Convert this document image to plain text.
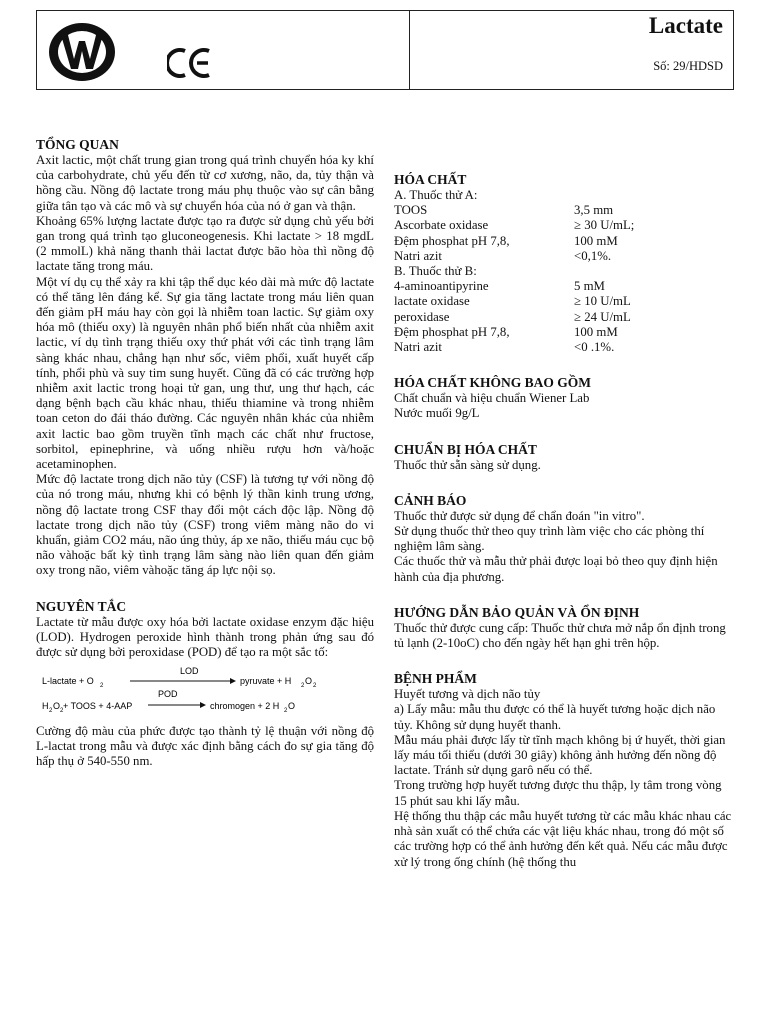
Lactate
Số: 29/HDSD
TỔNG QUAN

Axit lactic, một chất trung gian trong quá trình chuyển hóa ky khí của carbohydrate, chủ yếu đến từ cơ xương, não, da, tủy thận và hồng cầu. Nồng độ lactate trong máu phụ thuộc vào sự cân bằng giữa tân tạo và các mô và sự chuyển hóa của nó ở gan và thận.

Khoảng 65% lượng lactate được tạo ra được sử dụng chủ yếu bởi gan trong quá trình tạo gluconeogenesis. Khi lactate > 18 mgdL (2 mmolL) khả năng thanh thải lactat được bão hòa thì nồng độ lactate tăng trong máu.

Một ví dụ cụ thể xảy ra khi tập thể dục kéo dài mà mức độ lactate có thể tăng lên đáng kể. Sự gia tăng lactate trong máu liên quan đến giảm pH máu hay còn gọi là nhiễm toan lactic. Sự giảm oxy hóa mô (thiếu oxy) là nguyên nhân phổ biến nhất của nhiễm axit lactic, ví dụ tình trạng thiếu oxy thứ phát với các tình trạng lâm sàng khác nhau, chẳng hạn như sốc, viêm phổi, xuất huyết cấp tính, phổi phù và suy tim sung huyết. Cũng đã có các trường hợp nhiễm axit lactic trong hoại tử gan, ung thư, ung thư hạch, các dạng bệnh bạch cầu khác nhau, thiếu thiamine và trong nhiễm toan ceton do đái tháo đường. Các nguyên nhân khác của nhiễm axit lactic bao gồm truyền tĩnh mạch các chất như fructose, sorbitol, epinephrine, và uống nhiều rượu hơn và/hoặc acetaminophen.

Mức độ lactate trong dịch não tủy (CSF) là tương tự với nồng độ của nó trong máu, nhưng khi có bệnh lý thần kinh trung ương, nồng độ lactate trong CSF thay đổi một cách độc lập. Nồng độ lactate trong dịch não tủy (CSF) trong viêm màng não do vi khuẩn, giảm CO2 máu, não úng thủy, áp xe não, thiếu máu cục bộ não vàhoặc bất kỳ tình trạng lâm sàng nào liên quan đến giảm oxy trong não, viêm vàhoặc tăng áp lực nội sọ.

NGUYÊN TẮC

Lactate từ mẫu được oxy hóa bởi lactate oxidase enzym đặc hiệu (LOD). Hydrogen peroxide hình thành trong phản ứng sau đó được sử dụng bởi peroxidase (POD) để tạo ra một sắc tố:

LOD
L-lactate + O 2	pyruvate + H 2 O 2
POD
H 2 O 2 + TOOS + 4-AAP	chromogen + 2 H 2 O

Cường độ màu của phức được tạo thành tỷ lệ thuận với nồng độ L-lactat trong mẫu và được xác định bằng cách đo sự gia tăng độ hấp thụ ở 540-550 nm.

HÓA CHẤT

A. Thuốc thử A:

TOOS	3,5 mm
Ascorbate oxidase	≥ 30 U/mL;
Đệm phosphat pH 7,8,	100 mM
Natri azit	<0,1%.

B. Thuốc thử B:

4-aminoantipyrine	5 mM
lactate oxidase	≥ 10 U/mL
peroxidase	≥ 24 U/mL
Đệm phosphat pH 7,8,	100 mM
Natri azit	<0 .1%.
HÓA CHẤT KHÔNG BAO GỒM

Chất chuẩn và hiệu chuẩn Wiener Lab

Nước muối 9g/L

CHUẨN BỊ HÓA CHẤT

Thuốc thử sẵn sàng sử dụng.

CẢNH BÁO

Thuốc thử được sử dụng để chẩn đoán "in vitro".

Sử dụng thuốc thử theo quy trình làm việc cho các phòng thí nghiệm lâm sàng.

Các thuốc thử và mẫu thử phải được loại bỏ theo quy định hiện hành của địa phương.

HƯỚNG DẪN BẢO QUẢN VÀ ỔN ĐỊNH

Thuốc thử được cung cấp: Thuốc thử chưa mở nắp ổn định trong tủ lạnh (2-10oC) cho đến ngày hết hạn ghi trên hộp.

BỆNH PHẨM

Huyết tương và dịch não tủy

a) Lấy mẫu: mẫu thu được có thể là huyết tương hoặc dịch não tủy. Không sử dụng huyết thanh.

Mẫu máu phải được lấy từ tĩnh mạch không bị ứ huyết, thời gian lấy máu tối thiểu (dưới 30 giây) không ảnh hưởng đến nồng độ lactate. Tránh sử dụng garô nếu có thể.

Trong trường hợp huyết tương được thu thập, ly tâm trong vòng 15 phút sau khi lấy mẫu.

Hệ thống thu thập các mẫu huyết tương từ các mẫu khác nhau các nhà sản xuất có thể chứa các vật liệu khác nhau, trong đó một số các trường hợp có thể ảnh hưởng đến kết quả. Nếu các mẫu được xử lý trong ống chính (hệ thống thu
